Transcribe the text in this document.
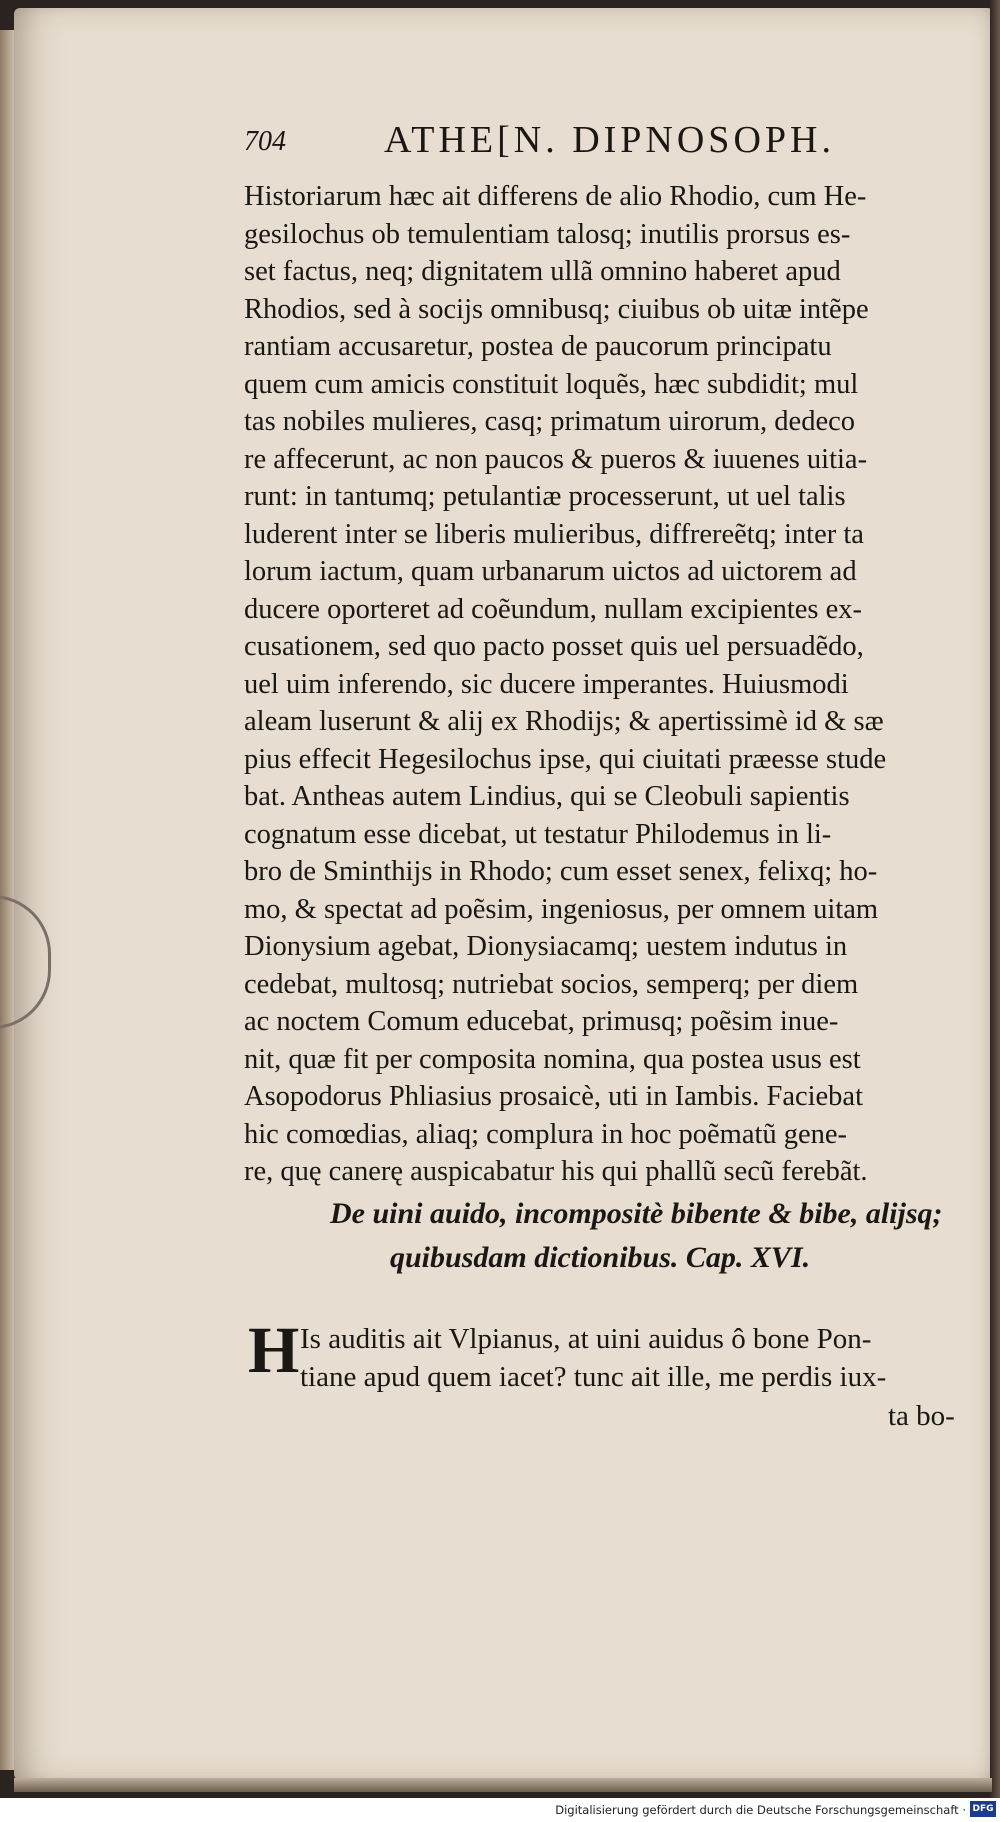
704	ATHE[N. DIPNOSOPH.
Historiarum hæc ait differens de alio Rhodio, cum He-
gesilochus ob temulentiam talosq; inutilis prorsus es-
set factus, neq; dignitatem ullã omnino haberet apud
Rhodios, sed à socijs omnibusq; ciuibus ob uitæ intẽpe
rantiam accusaretur, postea de paucorum principatu
quem cum amicis constituit loquẽs, hæc subdidit; mul
tas nobiles mulieres, casq; primatum uirorum, dedeco
re affecerunt, ac non paucos & pueros & iuuenes uitia-
runt: in tantumq; petulantiæ processerunt, ut uel talis
luderent inter se liberis mulieribus, diffrereẽtq; inter ta
lorum iactum, quam urbanarum uictos ad uictorem ad
ducere oporteret ad coẽundum, nullam excipientes ex-
cusationem, sed quo pacto posset quis uel persuadẽdo,
uel uim inferendo, sic ducere imperantes. Huiusmodi
aleam luserunt & alij ex Rhodijs; & apertissimè id & sæ
pius effecit Hegesilochus ipse, qui ciuitati præesse stude
bat. Antheas autem Lindius, qui se Cleobuli sapientis
cognatum esse dicebat, ut testatur Philodemus in li-
bro de Sminthijs in Rhodo; cum esset senex, felixq; ho-
mo, & spectat ad poẽsim, ingeniosus, per omnem uitam
Dionysium agebat, Dionysiacamq; uestem indutus in
cedebat, multosq; nutriebat socios, semperq; per diem
ac noctem Comum educebat, primusq; poẽsim inue-
nit, quæ fit per composita nomina, qua postea usus est
Asopodorus Phliasius prosaicè, uti in Iambis. Faciebat
hic comœdias, aliaq; complura in hoc poẽmatũ gene-
re, quę canerę auspicabatur his qui phallũ secũ ferebãt.
De uini auido, incompositè bibente & bibe, alijsq;
quibusdam dictionibus. Cap. XVI.
H Is auditis ait Vlpianus, at uini auidus ô bone Pon-
tiane apud quem iacet? tunc ait ille, me perdis iux-
ta bo-
Digitalisierung gefördert durch die Deutsche Forschungsgemeinschaft · DFG
